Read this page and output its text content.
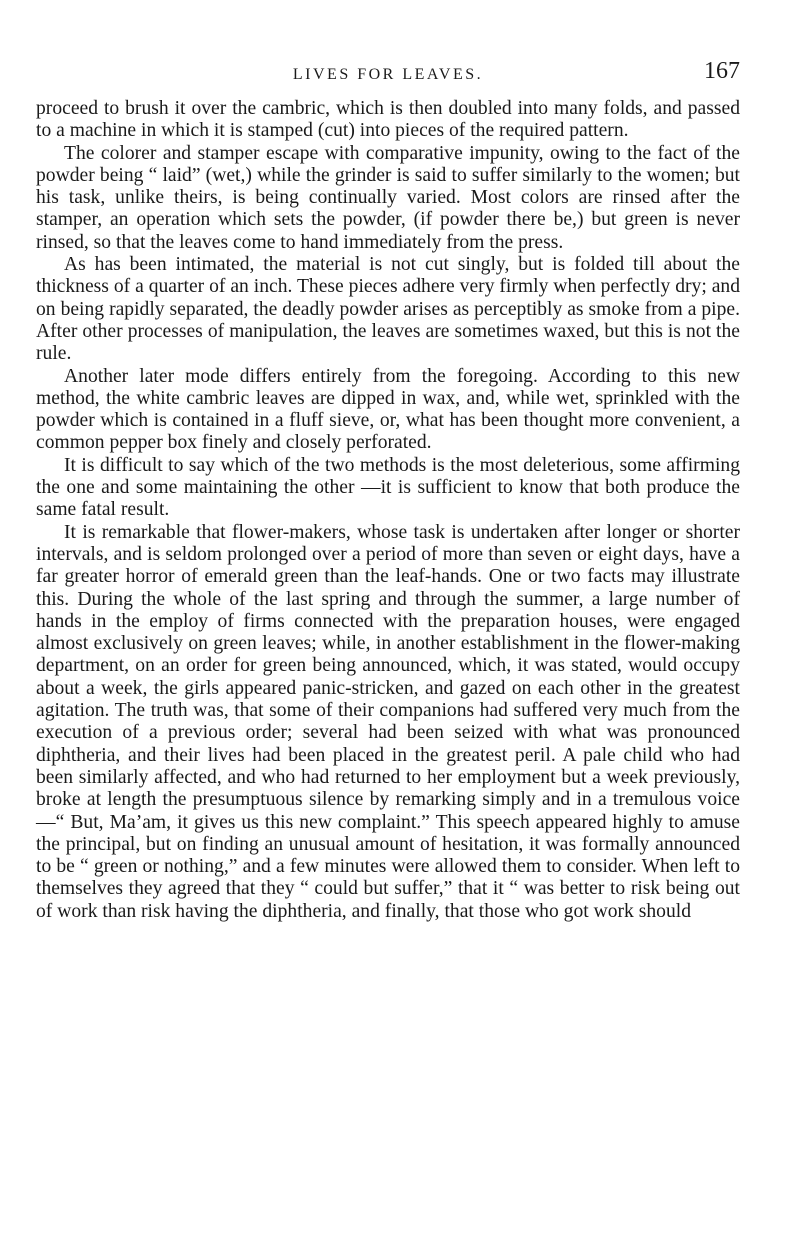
LIVES FOR LEAVES.	167

proceed to brush it over the cambric, which is then doubled into many folds, and passed to a machine in which it is stamped (cut) into pieces of the required pattern.

The colorer and stamper escape with comparative impunity, owing to the fact of the powder being “ laid” (wet,) while the grinder is said to suffer similarly to the women; but his task, unlike theirs, is being continually varied. Most colors are rinsed after the stamper, an operation which sets the powder, (if powder there be,) but green is never rinsed, so that the leaves come to hand immediately from the press.

As has been intimated, the material is not cut singly, but is folded till about the thickness of a quarter of an inch. These pieces adhere very firmly when perfectly dry; and on being rapidly separated, the deadly powder arises as perceptibly as smoke from a pipe. After other processes of manipulation, the leaves are sometimes waxed, but this is not the rule.

Another later mode differs entirely from the foregoing. According to this new method, the white cambric leaves are dipped in wax, and, while wet, sprinkled with the powder which is contained in a fluff sieve, or, what has been thought more convenient, a common pepper box finely and closely perforated.

It is difficult to say which of the two methods is the most deleterious, some affirming the one and some maintaining the other —it is sufficient to know that both produce the same fatal result.

It is remarkable that flower-makers, whose task is undertaken after longer or shorter intervals, and is seldom prolonged over a period of more than seven or eight days, have a far greater horror of emerald green than the leaf-hands. One or two facts may illustrate this. During the whole of the last spring and through the summer, a large number of hands in the employ of firms connected with the preparation houses, were engaged almost exclusively on green leaves; while, in another establishment in the flower-making department, on an order for green being announced, which, it was stated, would occupy about a week, the girls appeared panic-stricken, and gazed on each other in the greatest agitation. The truth was, that some of their companions had suffered very much from the execution of a previous order; several had been seized with what was pronounced diphtheria, and their lives had been placed in the greatest peril. A pale child who had been similarly affected, and who had returned to her employment but a week previously, broke at length the presumptuous silence by remarking simply and in a tremulous voice—“ But, Ma’am, it gives us this new complaint.” This speech appeared highly to amuse the principal, but on finding an unusual amount of hesitation, it was formally announced to be “ green or nothing,” and a few minutes were allowed them to consider. When left to themselves they agreed that they “ could but suffer,” that it “ was better to risk being out of work than risk having the diphtheria, and finally, that those who got work should
